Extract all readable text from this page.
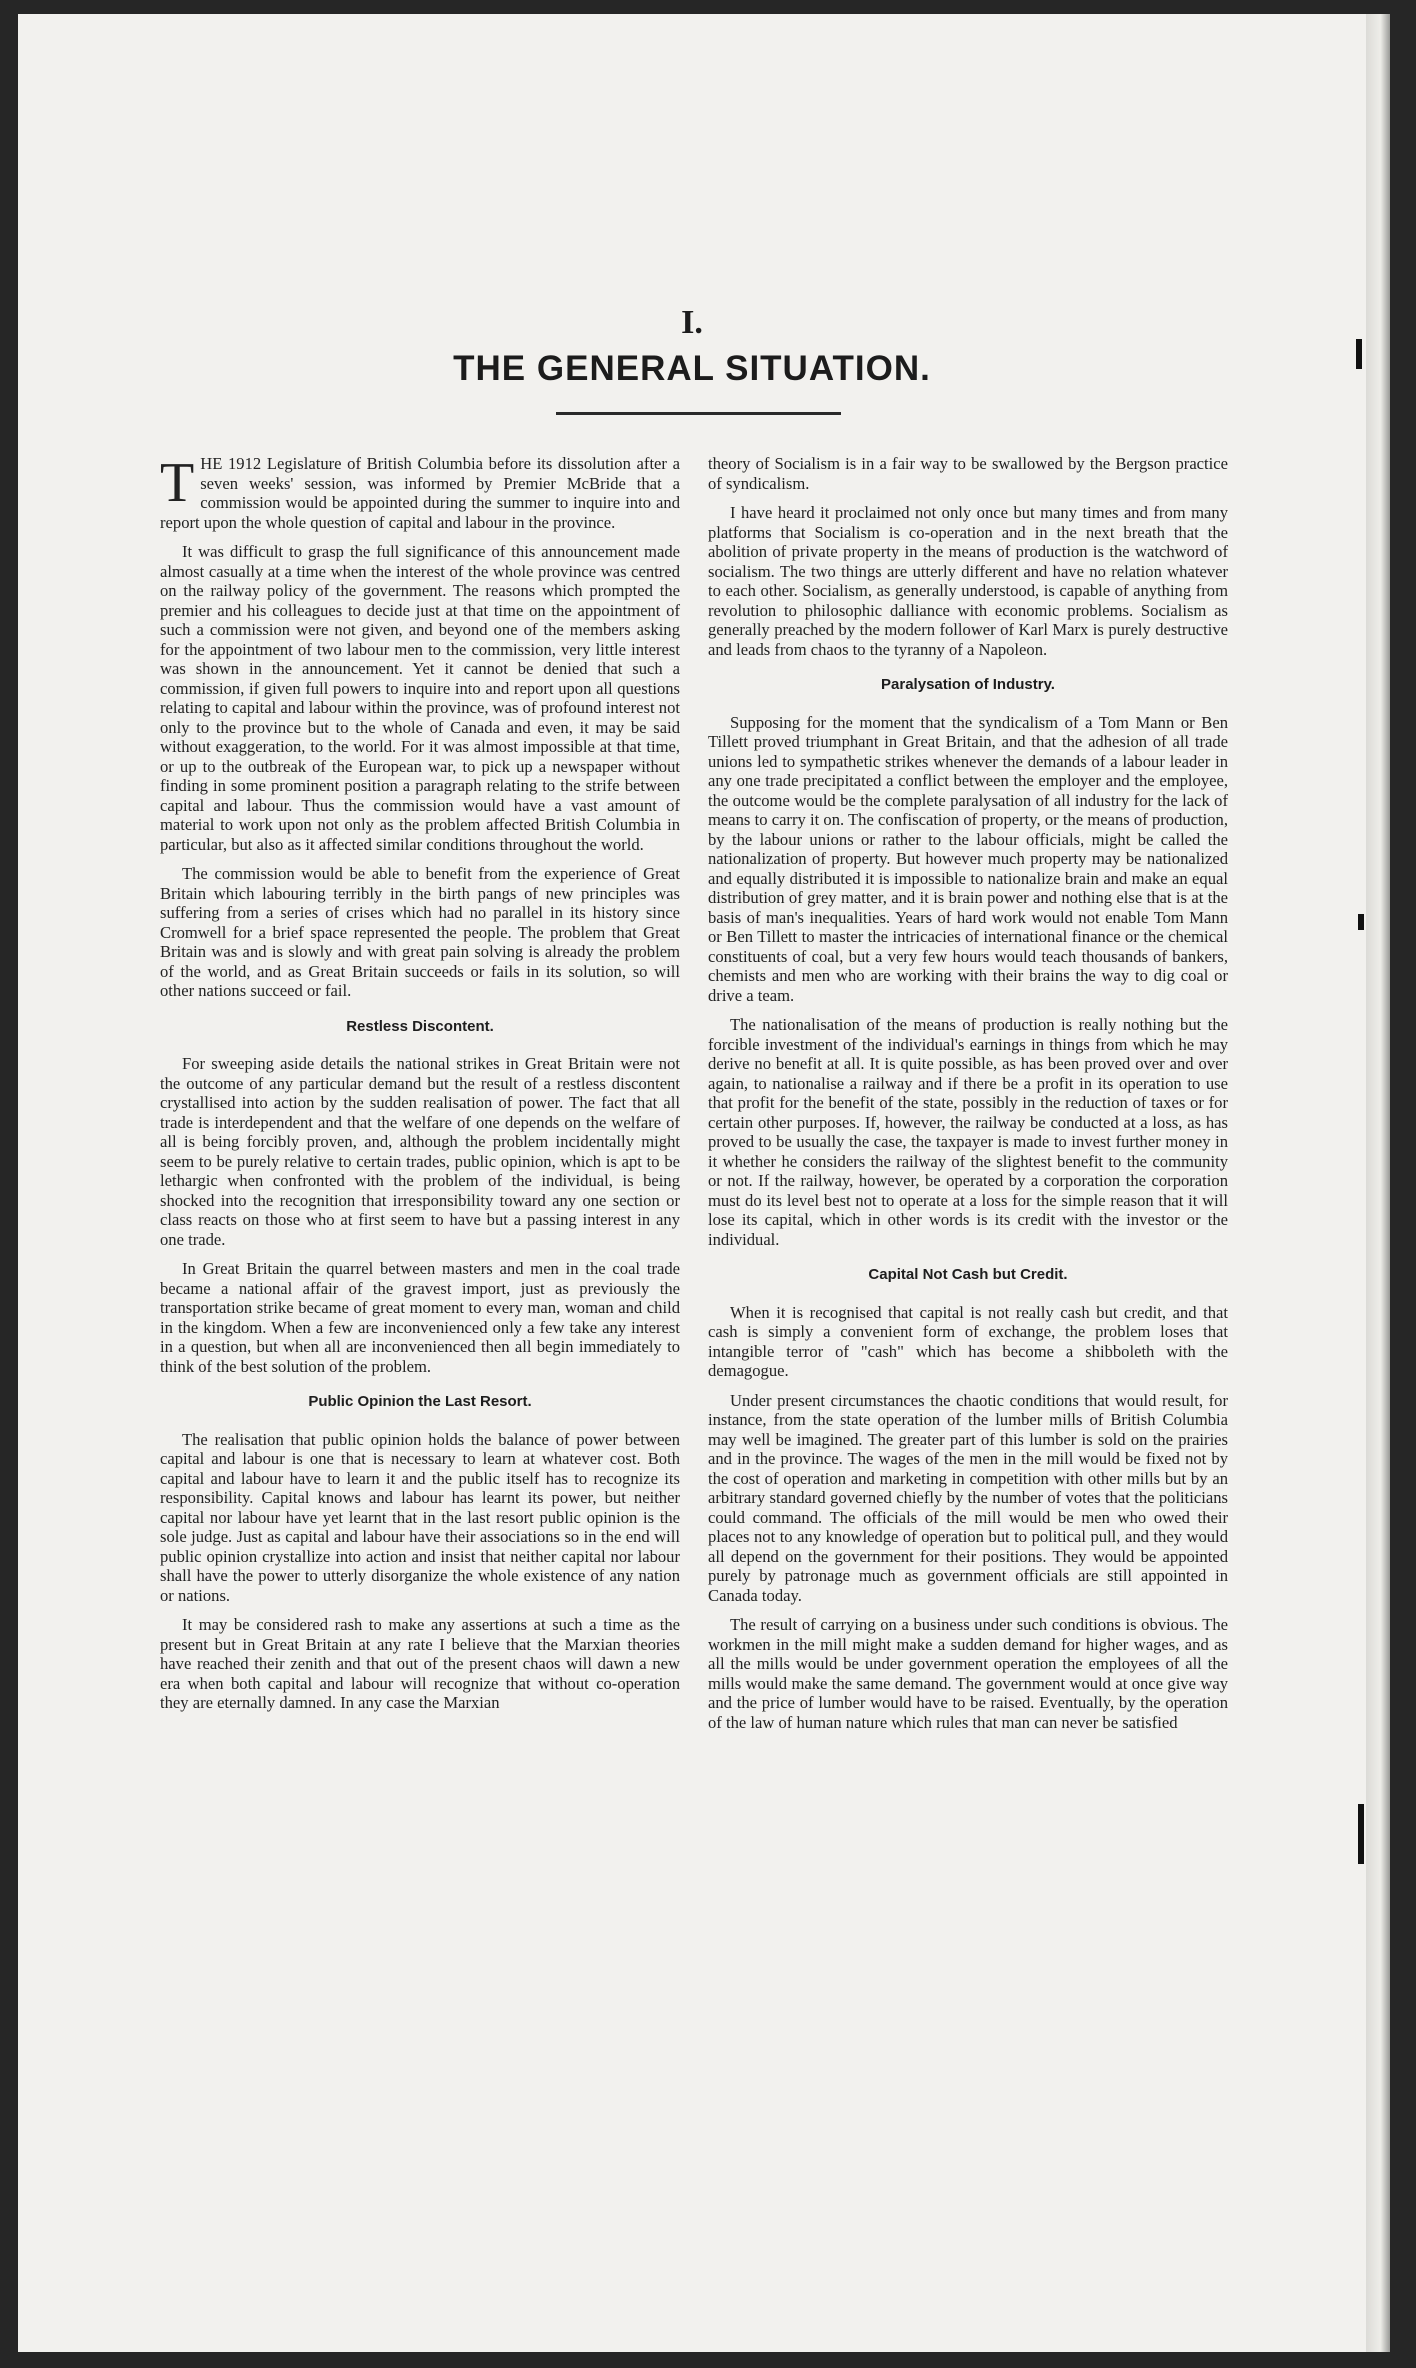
I.
THE GENERAL SITUATION.

THE 1912 Legislature of British Columbia before its dissolution after a seven weeks' session, was informed by Premier McBride that a commission would be appointed during the summer to inquire into and report upon the whole question of capital and labour in the province.

It was difficult to grasp the full significance of this announcement made almost casually at a time when the interest of the whole province was centred on the railway policy of the government. The reasons which prompted the premier and his colleagues to decide just at that time on the appointment of such a commission were not given, and beyond one of the members asking for the appointment of two labour men to the commission, very little interest was shown in the announcement. Yet it cannot be denied that such a commission, if given full powers to inquire into and report upon all questions relating to capital and labour within the province, was of profound interest not only to the province but to the whole of Canada and even, it may be said without exaggeration, to the world. For it was almost impossible at that time, or up to the outbreak of the European war, to pick up a newspaper without finding in some prominent position a paragraph relating to the strife between capital and labour. Thus the commission would have a vast amount of material to work upon not only as the problem affected British Columbia in particular, but also as it affected similar conditions throughout the world.

The commission would be able to benefit from the experience of Great Britain which labouring terribly in the birth pangs of new principles was suffering from a series of crises which had no parallel in its history since Cromwell for a brief space represented the people. The problem that Great Britain was and is slowly and with great pain solving is already the problem of the world, and as Great Britain succeeds or fails in its solution, so will other nations succeed or fail.

Restless Discontent.

For sweeping aside details the national strikes in Great Britain were not the outcome of any particular demand but the result of a restless discontent crystallised into action by the sudden realisation of power. The fact that all trade is interdependent and that the welfare of one depends on the welfare of all is being forcibly proven, and, although the problem incidentally might seem to be purely relative to certain trades, public opinion, which is apt to be lethargic when confronted with the problem of the individual, is being shocked into the recognition that irresponsibility toward any one section or class reacts on those who at first seem to have but a passing interest in any one trade.

In Great Britain the quarrel between masters and men in the coal trade became a national affair of the gravest import, just as previously the transportation strike became of great moment to every man, woman and child in the kingdom. When a few are inconvenienced only a few take any interest in a question, but when all are inconvenienced then all begin immediately to think of the best solution of the problem.

Public Opinion the Last Resort.

The realisation that public opinion holds the balance of power between capital and labour is one that is necessary to learn at whatever cost. Both capital and labour have to learn it and the public itself has to recognize its responsibility. Capital knows and labour has learnt its power, but neither capital nor labour have yet learnt that in the last resort public opinion is the sole judge. Just as capital and labour have their associations so in the end will public opinion crystallize into action and insist that neither capital nor labour shall have the power to utterly disorganize the whole existence of any nation or nations.

It may be considered rash to make any assertions at such a time as the present but in Great Britain at any rate I believe that the Marxian theories have reached their zenith and that out of the present chaos will dawn a new era when both capital and labour will recognize that without co-operation they are eternally damned. In any case the Marxian

theory of Socialism is in a fair way to be swallowed by the Bergson practice of syndicalism.

I have heard it proclaimed not only once but many times and from many platforms that Socialism is co-operation and in the next breath that the abolition of private property in the means of production is the watchword of socialism. The two things are utterly different and have no relation whatever to each other. Socialism, as generally understood, is capable of anything from revolution to philosophic dalliance with economic problems. Socialism as generally preached by the modern follower of Karl Marx is purely destructive and leads from chaos to the tyranny of a Napoleon.

Paralysation of Industry.

Supposing for the moment that the syndicalism of a Tom Mann or Ben Tillett proved triumphant in Great Britain, and that the adhesion of all trade unions led to sympathetic strikes whenever the demands of a labour leader in any one trade precipitated a conflict between the employer and the employee, the outcome would be the complete paralysation of all industry for the lack of means to carry it on. The confiscation of property, or the means of production, by the labour unions or rather to the labour officials, might be called the nationalization of property. But however much property may be nationalized and equally distributed it is impossible to nationalize brain and make an equal distribution of grey matter, and it is brain power and nothing else that is at the basis of man's inequalities. Years of hard work would not enable Tom Mann or Ben Tillett to master the intricacies of international finance or the chemical constituents of coal, but a very few hours would teach thousands of bankers, chemists and men who are working with their brains the way to dig coal or drive a team.

The nationalisation of the means of production is really nothing but the forcible investment of the individual's earnings in things from which he may derive no benefit at all. It is quite possible, as has been proved over and over again, to nationalise a railway and if there be a profit in its operation to use that profit for the benefit of the state, possibly in the reduction of taxes or for certain other purposes. If, however, the railway be conducted at a loss, as has proved to be usually the case, the taxpayer is made to invest further money in it whether he considers the railway of the slightest benefit to the community or not. If the railway, however, be operated by a corporation the corporation must do its level best not to operate at a loss for the simple reason that it will lose its capital, which in other words is its credit with the investor or the individual.

Capital Not Cash but Credit.

When it is recognised that capital is not really cash but credit, and that cash is simply a convenient form of exchange, the problem loses that intangible terror of "cash" which has become a shibboleth with the demagogue.

Under present circumstances the chaotic conditions that would result, for instance, from the state operation of the lumber mills of British Columbia may well be imagined. The greater part of this lumber is sold on the prairies and in the province. The wages of the men in the mill would be fixed not by the cost of operation and marketing in competition with other mills but by an arbitrary standard governed chiefly by the number of votes that the politicians could command. The officials of the mill would be men who owed their places not to any knowledge of operation but to political pull, and they would all depend on the government for their positions. They would be appointed purely by patronage much as government officials are still appointed in Canada today.

The result of carrying on a business under such conditions is obvious. The workmen in the mill might make a sudden demand for higher wages, and as all the mills would be under government operation the employees of all the mills would make the same demand. The government would at once give way and the price of lumber would have to be raised. Eventually, by the operation of the law of human nature which rules that man can never be satisfied
